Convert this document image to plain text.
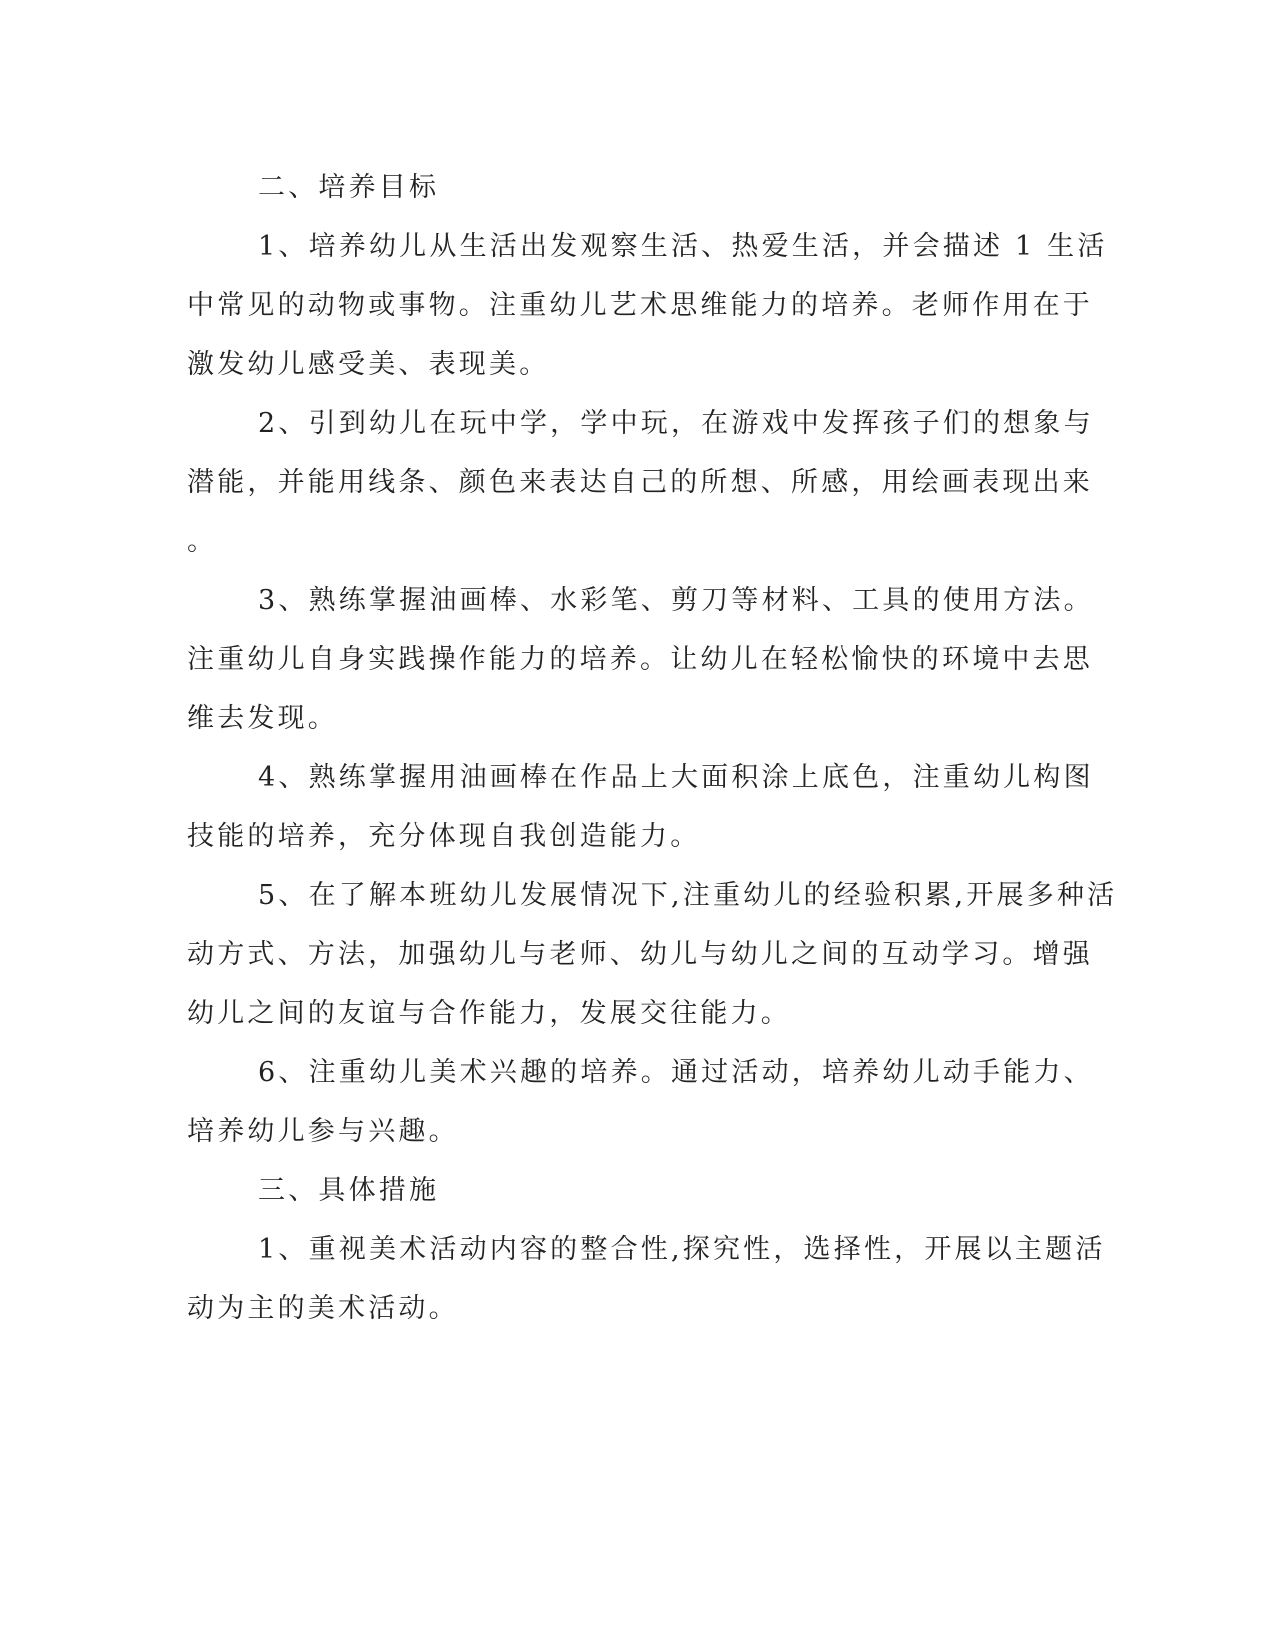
二、培养目标
1、培养幼儿从生活出发观察生活、热爱生活，并会描述 1 生活
中常见的动物或事物。注重幼儿艺术思维能力的培养。老师作用在于
激发幼儿感受美、表现美。
2、引到幼儿在玩中学，学中玩，在游戏中发挥孩子们的想象与
潜能，并能用线条、颜色来表达自己的所想、所感，用绘画表现出来
。
3、熟练掌握油画棒、水彩笔、剪刀等材料、工具的使用方法。
注重幼儿自身实践操作能力的培养。让幼儿在轻松愉快的环境中去思
维去发现。
4、熟练掌握用油画棒在作品上大面积涂上底色，注重幼儿构图
技能的培养，充分体现自我创造能力。
5、在了解本班幼儿发展情况下,注重幼儿的经验积累,开展多种活
动方式、方法，加强幼儿与老师、幼儿与幼儿之间的互动学习。增强
幼儿之间的友谊与合作能力，发展交往能力。
6、注重幼儿美术兴趣的培养。通过活动，培养幼儿动手能力、
培养幼儿参与兴趣。
三、具体措施
1、重视美术活动内容的整合性,探究性，选择性，开展以主题活
动为主的美术活动。
